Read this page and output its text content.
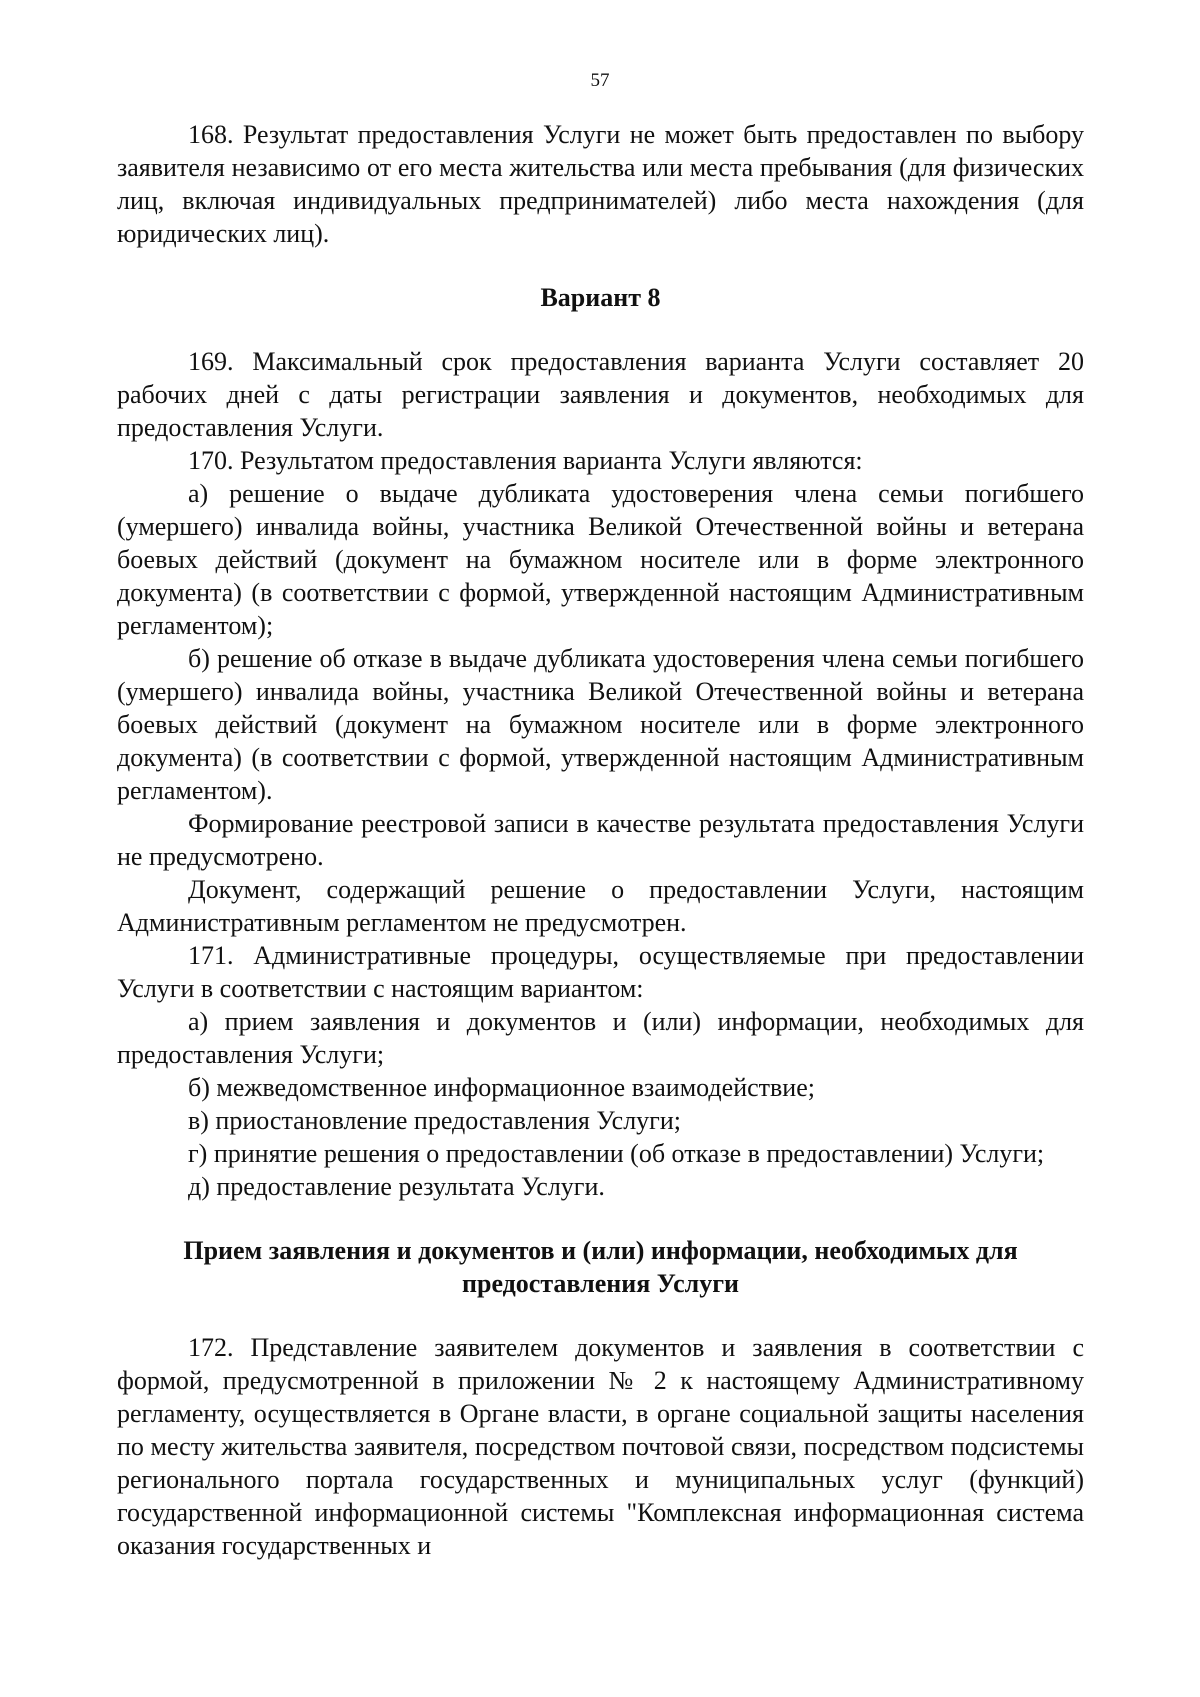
57

168. Результат предоставления Услуги не может быть предоставлен по выбору заявителя независимо от его места жительства или места пребывания (для физических лиц, включая индивидуальных предпринимателей) либо места нахождения (для юридических лиц).

Вариант 8

169. Максимальный срок предоставления варианта Услуги составляет 20 рабочих дней с даты регистрации заявления и документов, необходимых для предоставления Услуги.

170. Результатом предоставления варианта Услуги являются:

а) решение о выдаче дубликата удостоверения члена семьи погибшего (умершего) инвалида войны, участника Великой Отечественной войны и ветерана боевых действий (документ на бумажном носителе или в форме электронного документа) (в соответствии с формой, утвержденной настоящим Административным регламентом);

б) решение об отказе в выдаче дубликата удостоверения члена семьи погибшего (умершего) инвалида войны, участника Великой Отечественной войны и ветерана боевых действий (документ на бумажном носителе или в форме электронного документа) (в соответствии с формой, утвержденной настоящим Административным регламентом).

Формирование реестровой записи в качестве результата предоставления Услуги не предусмотрено.

Документ, содержащий решение о предоставлении Услуги, настоящим Административным регламентом не предусмотрен.

171. Административные процедуры, осуществляемые при предоставлении Услуги в соответствии с настоящим вариантом:

а) прием заявления и документов и (или) информации, необходимых для предоставления Услуги;

б) межведомственное информационное взаимодействие;

в) приостановление предоставления Услуги;

г) принятие решения о предоставлении (об отказе в предоставлении) Услуги;

д) предоставление результата Услуги.

Прием заявления и документов и (или) информации, необходимых для предоставления Услуги

172. Представление заявителем документов и заявления в соответствии с формой, предусмотренной в приложении № 2 к настоящему Административному регламенту, осуществляется в Органе власти, в органе социальной защиты населения по месту жительства заявителя, посредством почтовой связи, посредством подсистемы регионального портала государственных и муниципальных услуг (функций) государственной информационной системы "Комплексная информационная система оказания государственных и
